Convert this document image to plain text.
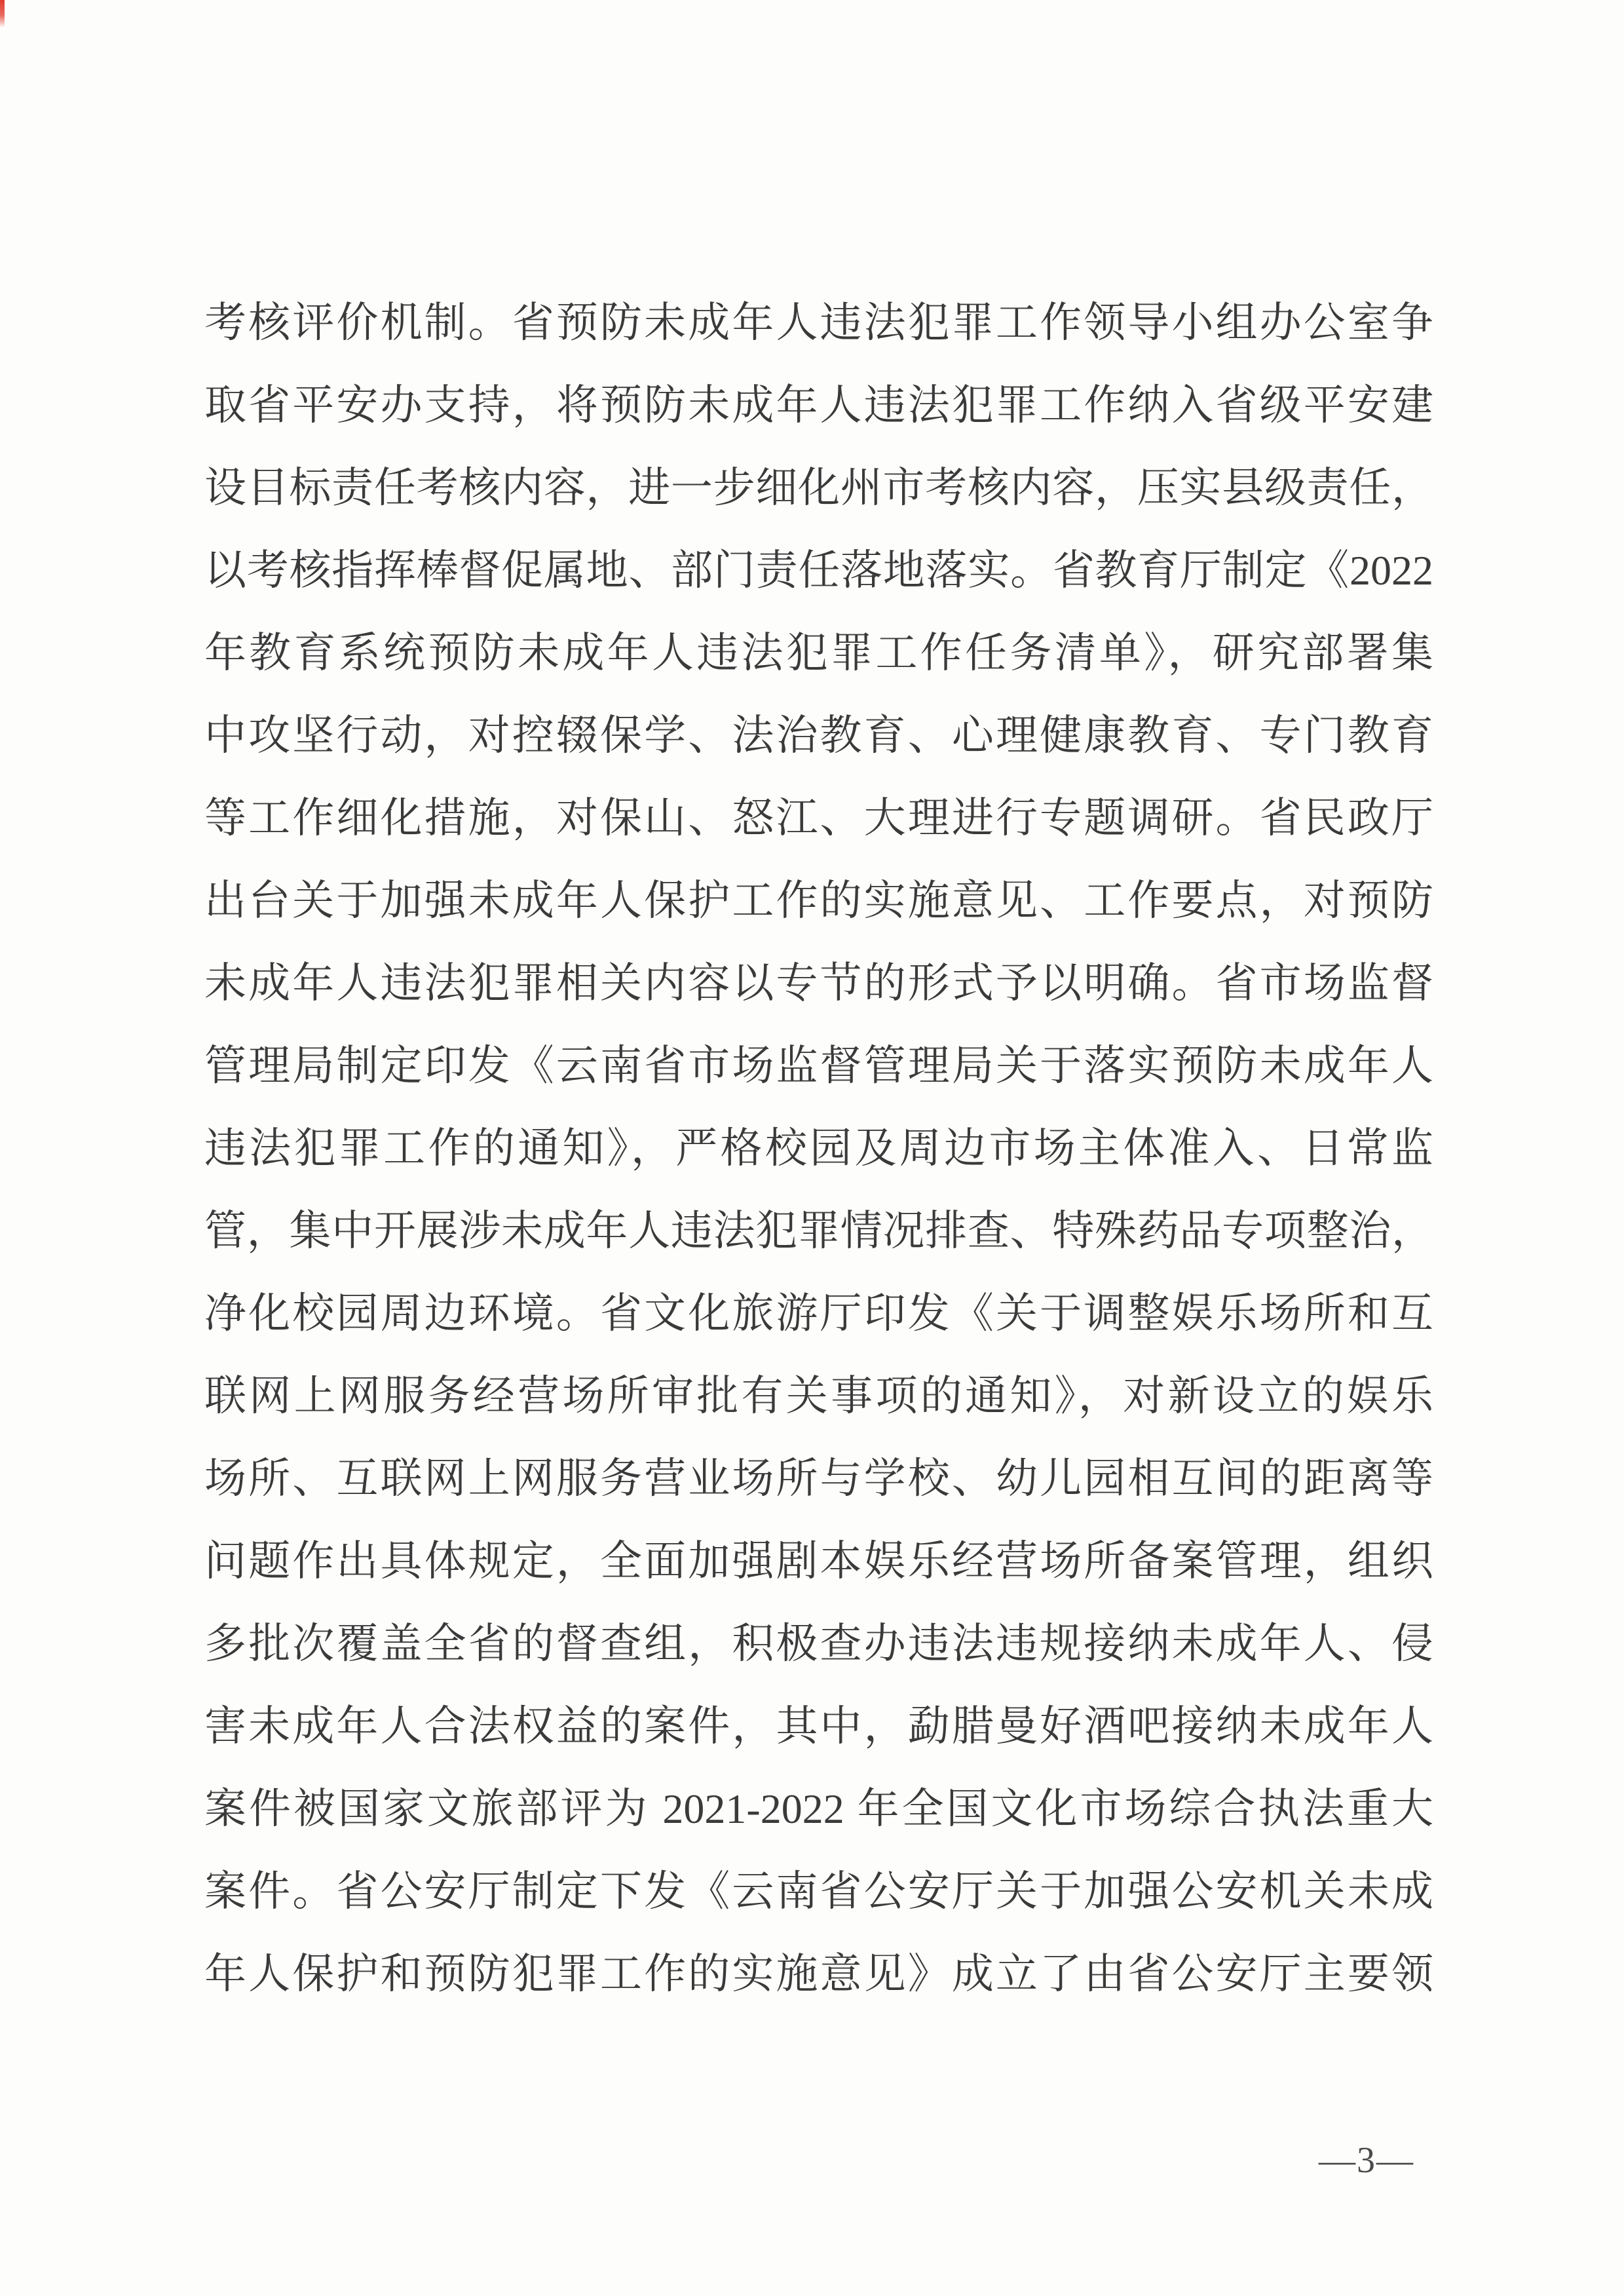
考核评价机制。省预防未成年人违法犯罪工作领导小组办公室争
取省平安办支持，将预防未成年人违法犯罪工作纳入省级平安建
设目标责任考核内容，进一步细化州市考核内容，压实县级责任，
以考核指挥棒督促属地、部门责任落地落实。省教育厅制定《2022
年教育系统预防未成年人违法犯罪工作任务清单》，研究部署集
中攻坚行动，对控辍保学、法治教育、心理健康教育、专门教育
等工作细化措施，对保山、怒江、大理进行专题调研。省民政厅
出台关于加强未成年人保护工作的实施意见、工作要点，对预防
未成年人违法犯罪相关内容以专节的形式予以明确。省市场监督
管理局制定印发《云南省市场监督管理局关于落实预防未成年人
违法犯罪工作的通知》，严格校园及周边市场主体准入、日常监
管，集中开展涉未成年人违法犯罪情况排查、特殊药品专项整治，
净化校园周边环境。省文化旅游厅印发《关于调整娱乐场所和互
联网上网服务经营场所审批有关事项的通知》，对新设立的娱乐
场所、互联网上网服务营业场所与学校、幼儿园相互间的距离等
问题作出具体规定，全面加强剧本娱乐经营场所备案管理，组织
多批次覆盖全省的督查组，积极查办违法违规接纳未成年人、侵
害未成年人合法权益的案件，其中，勐腊曼好酒吧接纳未成年人
案件被国家文旅部评为 2021-2022 年全国文化市场综合执法重大
案件。省公安厅制定下发《云南省公安厅关于加强公安机关未成
年人保护和预防犯罪工作的实施意见》成立了由省公安厅主要领
—3—
